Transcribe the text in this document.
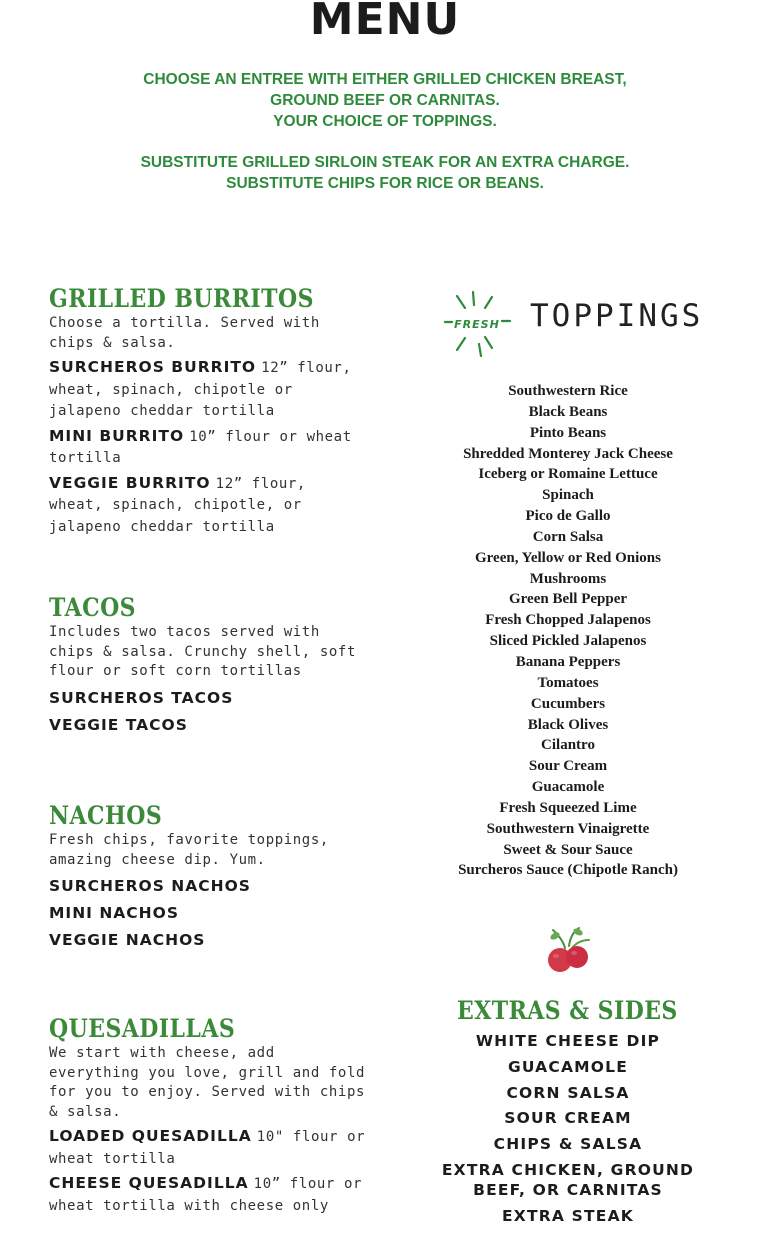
MENU
CHOOSE AN ENTREE WITH EITHER GRILLED CHICKEN BREAST,
GROUND BEEF OR CARNITAS.
YOUR CHOICE OF TOPPINGS.
SUBSTITUTE GRILLED SIRLOIN STEAK FOR AN EXTRA CHARGE.
SUBSTITUTE CHIPS FOR RICE OR BEANS.
GRILLED BURRITOS
Choose a tortilla. Served with chips & salsa.
SURCHEROS BURRITO 12” flour, wheat, spinach, chipotle or jalapeno cheddar tortilla
MINI BURRITO 10” flour or wheat tortilla
VEGGIE BURRITO 12” flour, wheat, spinach, chipotle, or jalapeno cheddar tortilla
TACOS
Includes two tacos served with chips & salsa. Crunchy shell, soft flour or soft corn tortillas
SURCHEROS TACOS
VEGGIE TACOS
NACHOS
Fresh chips, favorite toppings, amazing cheese dip. Yum.
SURCHEROS NACHOS
MINI NACHOS
VEGGIE NACHOS
QUESADILLAS
We start with cheese, add everything you love, grill and fold for you to enjoy. Served with chips & salsa.
LOADED QUESADILLA 10" flour or wheat tortilla
CHEESE QUESADILLA 10” flour or wheat tortilla with cheese only
FRESH TOPPINGS
Southwestern Rice
Black Beans
Pinto Beans
Shredded Monterey Jack Cheese
Iceberg or Romaine Lettuce
Spinach
Pico de Gallo
Corn Salsa
Green, Yellow or Red Onions
Mushrooms
Green Bell Pepper
Fresh Chopped Jalapenos
Sliced Pickled Jalapenos
Banana Peppers
Tomatoes
Cucumbers
Black Olives
Cilantro
Sour Cream
Guacamole
Fresh Squeezed Lime
Southwestern Vinaigrette
Sweet & Sour Sauce
Surcheros Sauce (Chipotle Ranch)
EXTRAS & SIDES
WHITE CHEESE DIP
GUACAMOLE
CORN SALSA
SOUR CREAM
CHIPS & SALSA
EXTRA CHICKEN, GROUND BEEF, OR CARNITAS
EXTRA STEAK
